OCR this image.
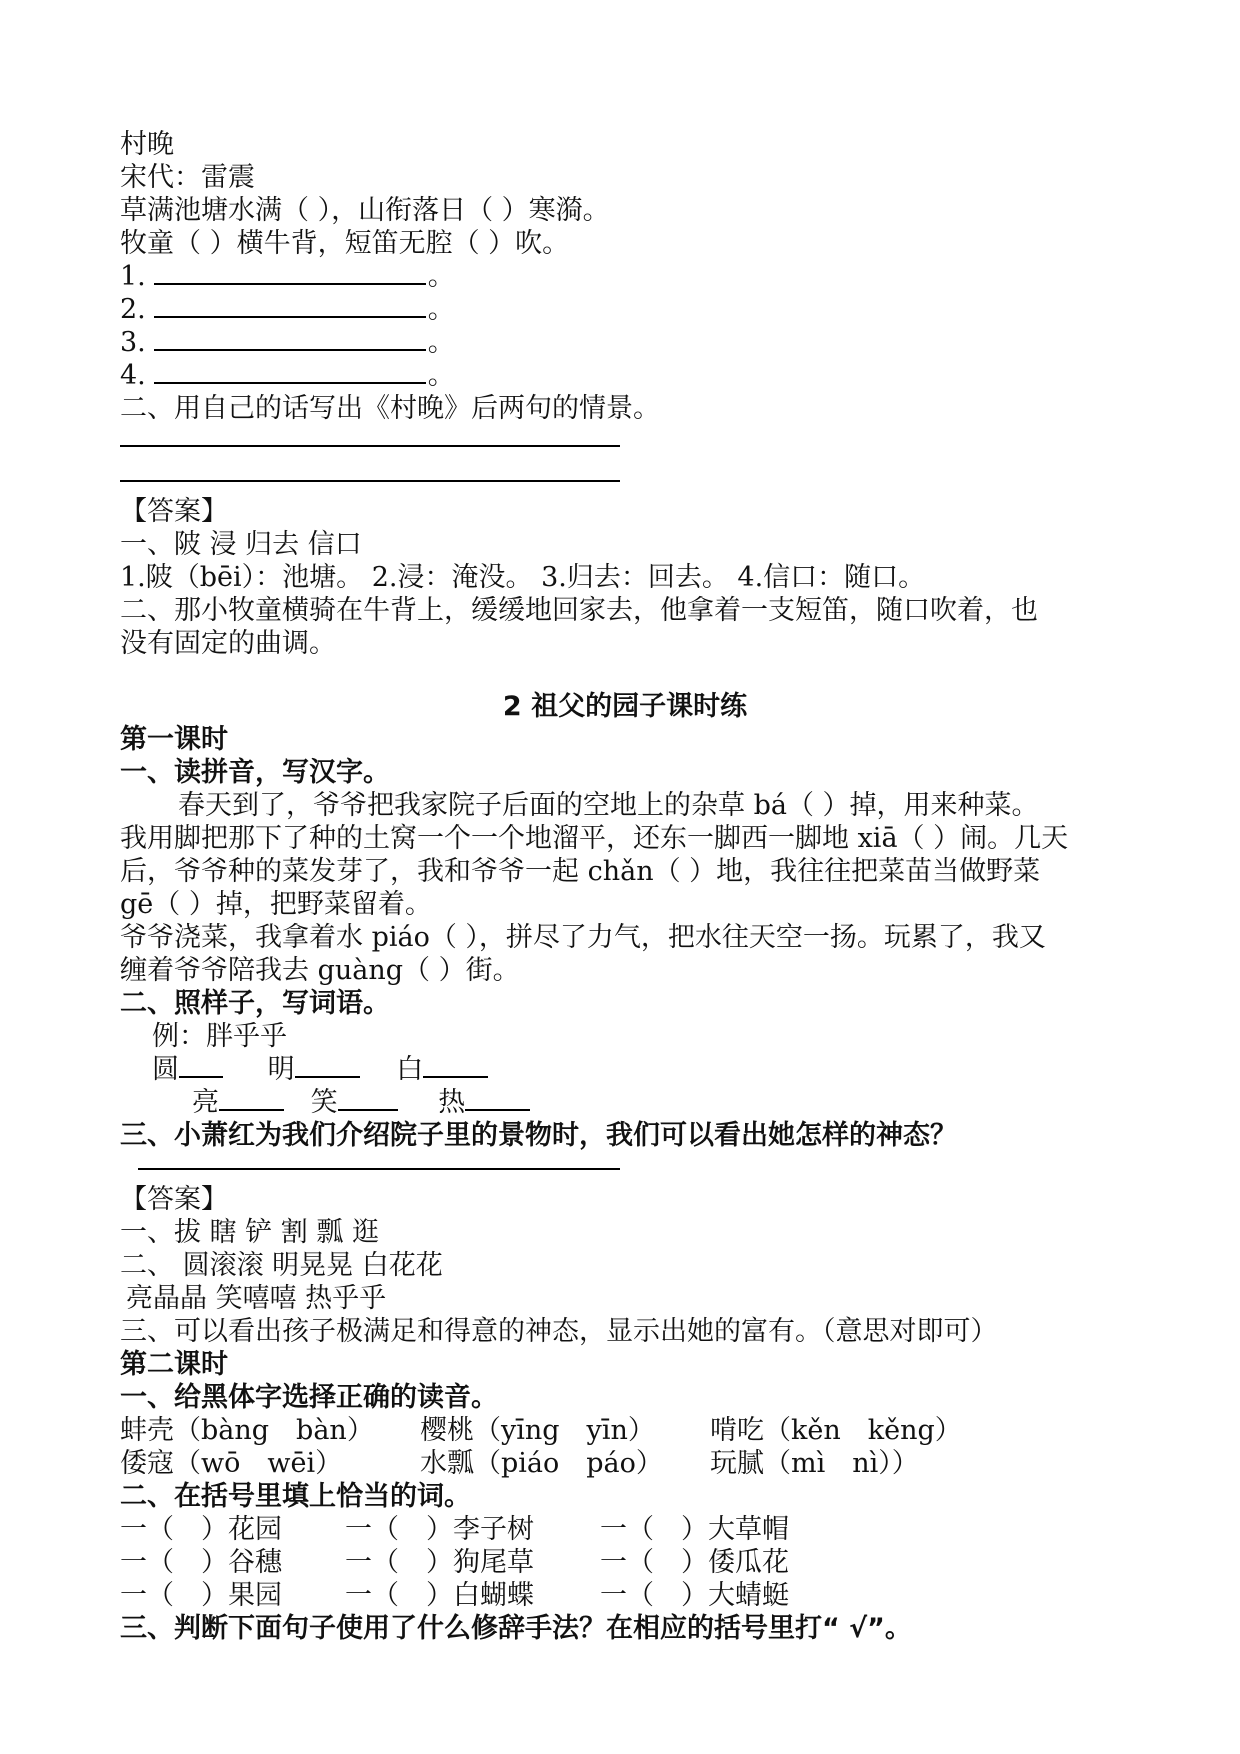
村晚
宋代：雷震
草满池塘水满（ ），山衔落日（ ）寒漪。
牧童（ ）横牛背，短笛无腔（ ）吹。
1.	。
2.	。
3.	。
4.	。
二、用自己的话写出《村晚》后两句的情景。
【答案】
一、陂 浸 归去 信口
1.陂（bēi）：池塘。 2.浸：淹没。 3.归去：回去。 4.信口：随口。
二、那小牧童横骑在牛背上，缓缓地回家去，他拿着一支短笛，随口吹着，也
没有固定的曲调。
2 祖父的园子课时练
第一课时
一、读拼音，写汉字。
春天到了，爷爷把我家院子后面的空地上的杂草 bá（ ）掉，用来种菜。
我用脚把那下了种的土窝一个一个地溜平，还东一脚西一脚地 xiā（ ）闹。几天
后，爷爷种的菜发芽了，我和爷爷一起 chǎn（ ）地，我往往把菜苗当做野菜
gē（ ）掉，把野菜留着。
爷爷浇菜，我拿着水 piáo（ ），拼尽了力气，把水往天空一扬。玩累了，我又
缠着爷爷陪我去 guàng（ ）街。
二、照样子，写词语。
例：胖乎乎
圆	明	白
亮	笑	热
三、小萧红为我们介绍院子里的景物时，我们可以看出她怎样的神态？
【答案】
一、拔 瞎 铲 割 瓢 逛
二、 圆滚滚 明晃晃 白花花
亮晶晶 笑嘻嘻 热乎乎
三、可以看出孩子极满足和得意的神态，显示出她的富有。（意思对即可）
第二课时
一、给黑体字选择正确的读音。
蚌壳（bàng　bàn）	樱桃（yīng　yīn）	啃吃（kěn　kěng）
倭寇（wō　wēi）	水瓢（piáo　páo）	玩腻（mì　nì））
二、在括号里填上恰当的词。
一（　）花园	一（　）李子树	一（　）大草帽
一（　）谷穗	一（　）狗尾草	一（　）倭瓜花
一（　）果园	一（　）白蝴蝶	一（　）大蜻蜓
三、判断下面句子使用了什么修辞手法？在相应的括号里打“ √”。
